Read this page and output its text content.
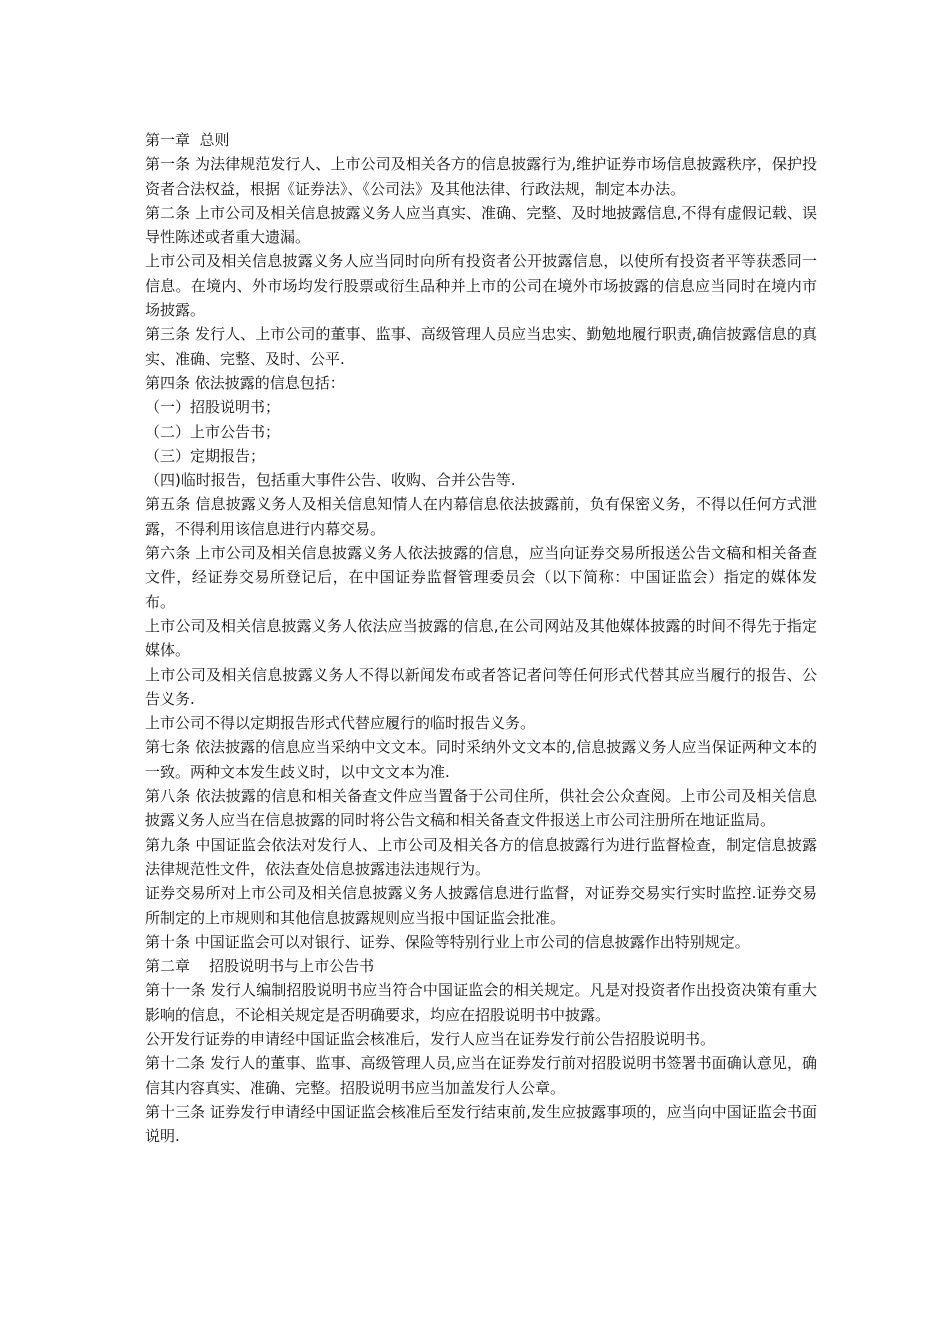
第一章  总则

第一条 为法律规范发行人、上市公司及相关各方的信息披露行为,维护证券市场信息披露秩序，保护投资者合法权益，根据《证券法》、《公司法》及其他法律、行政法规，制定本办法。

第二条 上市公司及相关信息披露义务人应当真实、准确、完整、及时地披露信息,不得有虚假记载、误导性陈述或者重大遗漏。

上市公司及相关信息披露义务人应当同时向所有投资者公开披露信息，以使所有投资者平等获悉同一信息。在境内、外市场均发行股票或衍生品种并上市的公司在境外市场披露的信息应当同时在境内市场披露。

第三条 发行人、上市公司的董事、监事、高级管理人员应当忠实、勤勉地履行职责,确信披露信息的真实、准确、完整、及时、公平.

第四条 依法披露的信息包括：

（一）招股说明书；

（二）上市公告书；

（三）定期报告；

（四)临时报告，包括重大事件公告、收购、合并公告等.

第五条 信息披露义务人及相关信息知情人在内幕信息依法披露前，负有保密义务，不得以任何方式泄露，不得利用该信息进行内幕交易。

第六条 上市公司及相关信息披露义务人依法披露的信息，应当向证券交易所报送公告文稿和相关备查文件，经证券交易所登记后，在中国证券监督管理委员会（以下简称：中国证监会）指定的媒体发布。

上市公司及相关信息披露义务人依法应当披露的信息,在公司网站及其他媒体披露的时间不得先于指定媒体。

上市公司及相关信息披露义务人不得以新闻发布或者答记者问等任何形式代替其应当履行的报告、公告义务.

上市公司不得以定期报告形式代替应履行的临时报告义务。

第七条 依法披露的信息应当采纳中文文本。同时采纳外文文本的,信息披露义务人应当保证两种文本的一致。两种文本发生歧义时，以中文文本为准.

第八条 依法披露的信息和相关备查文件应当置备于公司住所，供社会公众查阅。上市公司及相关信息披露义务人应当在信息披露的同时将公告文稿和相关备查文件报送上市公司注册所在地证监局。

第九条 中国证监会依法对发行人、上市公司及相关各方的信息披露行为进行监督检查，制定信息披露法律规范性文件，依法查处信息披露违法违规行为。

证券交易所对上市公司及相关信息披露义务人披露信息进行监督，对证券交易实行实时监控.证券交易所制定的上市规则和其他信息披露规则应当报中国证监会批准。

第十条 中国证监会可以对银行、证券、保险等特别行业上市公司的信息披露作出特别规定。

第二章    招股说明书与上市公告书

第十一条 发行人编制招股说明书应当符合中国证监会的相关规定。凡是对投资者作出投资决策有重大影响的信息，不论相关规定是否明确要求，均应在招股说明书中披露。

公开发行证券的申请经中国证监会核准后，发行人应当在证券发行前公告招股说明书。

第十二条 发行人的董事、监事、高级管理人员,应当在证券发行前对招股说明书签署书面确认意见，确信其内容真实、准确、完整。招股说明书应当加盖发行人公章。

第十三条 证券发行申请经中国证监会核准后至发行结束前,发生应披露事项的，应当向中国证监会书面说明.
